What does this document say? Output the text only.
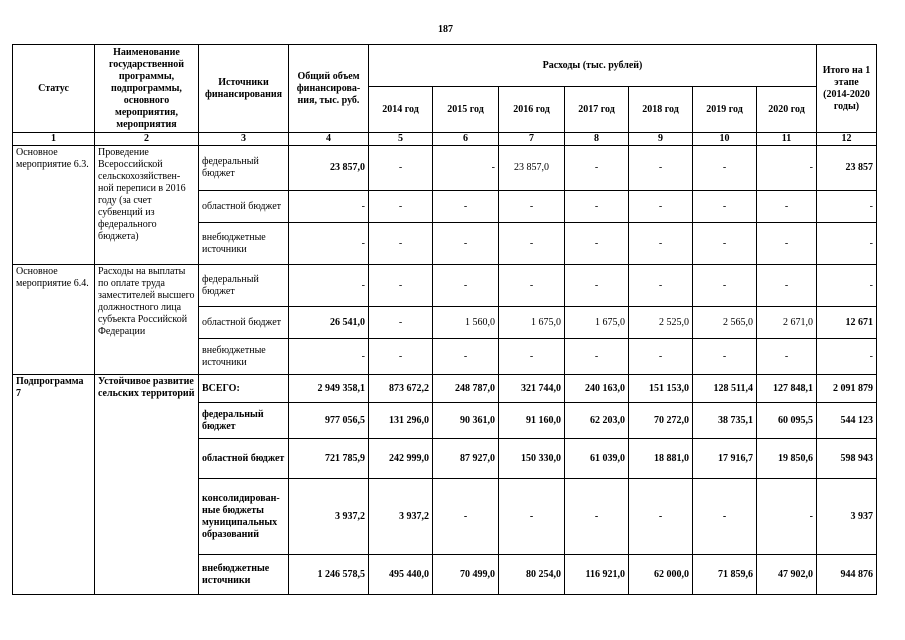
187
Статус	Наименование государственной программы, подпрограммы, основного мероприятия, мероприятия	Источники финансирования	Общий объем финансирова-ния, тыс. руб.	Расходы (тыс. рублей)							Итого на 1 этапе (2014-2020 годы)
				2014 год	2015 год	2016 год	2017 год	2018 год	2019 год	2020 год	
1	2	3	4	5	6	7	8	9	10	11	12
Основное мероприятие 6.3.	Проведение Всероссийской сельскохозяйствен-ной переписи в 2016 году (за счет субвенций из федерального бюджета)	федеральный бюджет	23 857,0	-	-	23 857,0	-	-	-	-	23 857
		областной бюджет	-	-	-	-	-	-	-	-	-
		внебюджетные источники	-	-	-	-	-	-	-	-	-
Основное мероприятие 6.4.	Расходы на выплаты по оплате труда заместителей высшего должностного лица субъекта Российской Федерации	федеральный бюджет	-	-	-	-	-	-	-	-	-
		областной бюджет	26 541,0	-	1 560,0	1 675,0	1 675,0	2 525,0	2 565,0	2 671,0	12 671
		внебюджетные источники	-	-	-	-	-	-	-	-	-
Подпрограмма 7	Устойчивое развитие сельских территорий	ВСЕГО:	2 949 358,1	873 672,2	248 787,0	321 744,0	240 163,0	151 153,0	128 511,4	127 848,1	2 091 879
		федеральный бюджет	977 056,5	131 296,0	90 361,0	91 160,0	62 203,0	70 272,0	38 735,1	60 095,5	544 123
		областной бюджет	721 785,9	242 999,0	87 927,0	150 330,0	61 039,0	18 881,0	17 916,7	19 850,6	598 943
		консолидирован-ные бюджеты муниципальных образований	3 937,2	3 937,2	-	-	-	-	-	-	3 937
		внебюджетные источники	1 246 578,5	495 440,0	70 499,0	80 254,0	116 921,0	62 000,0	71 859,6	47 902,0	944 876
